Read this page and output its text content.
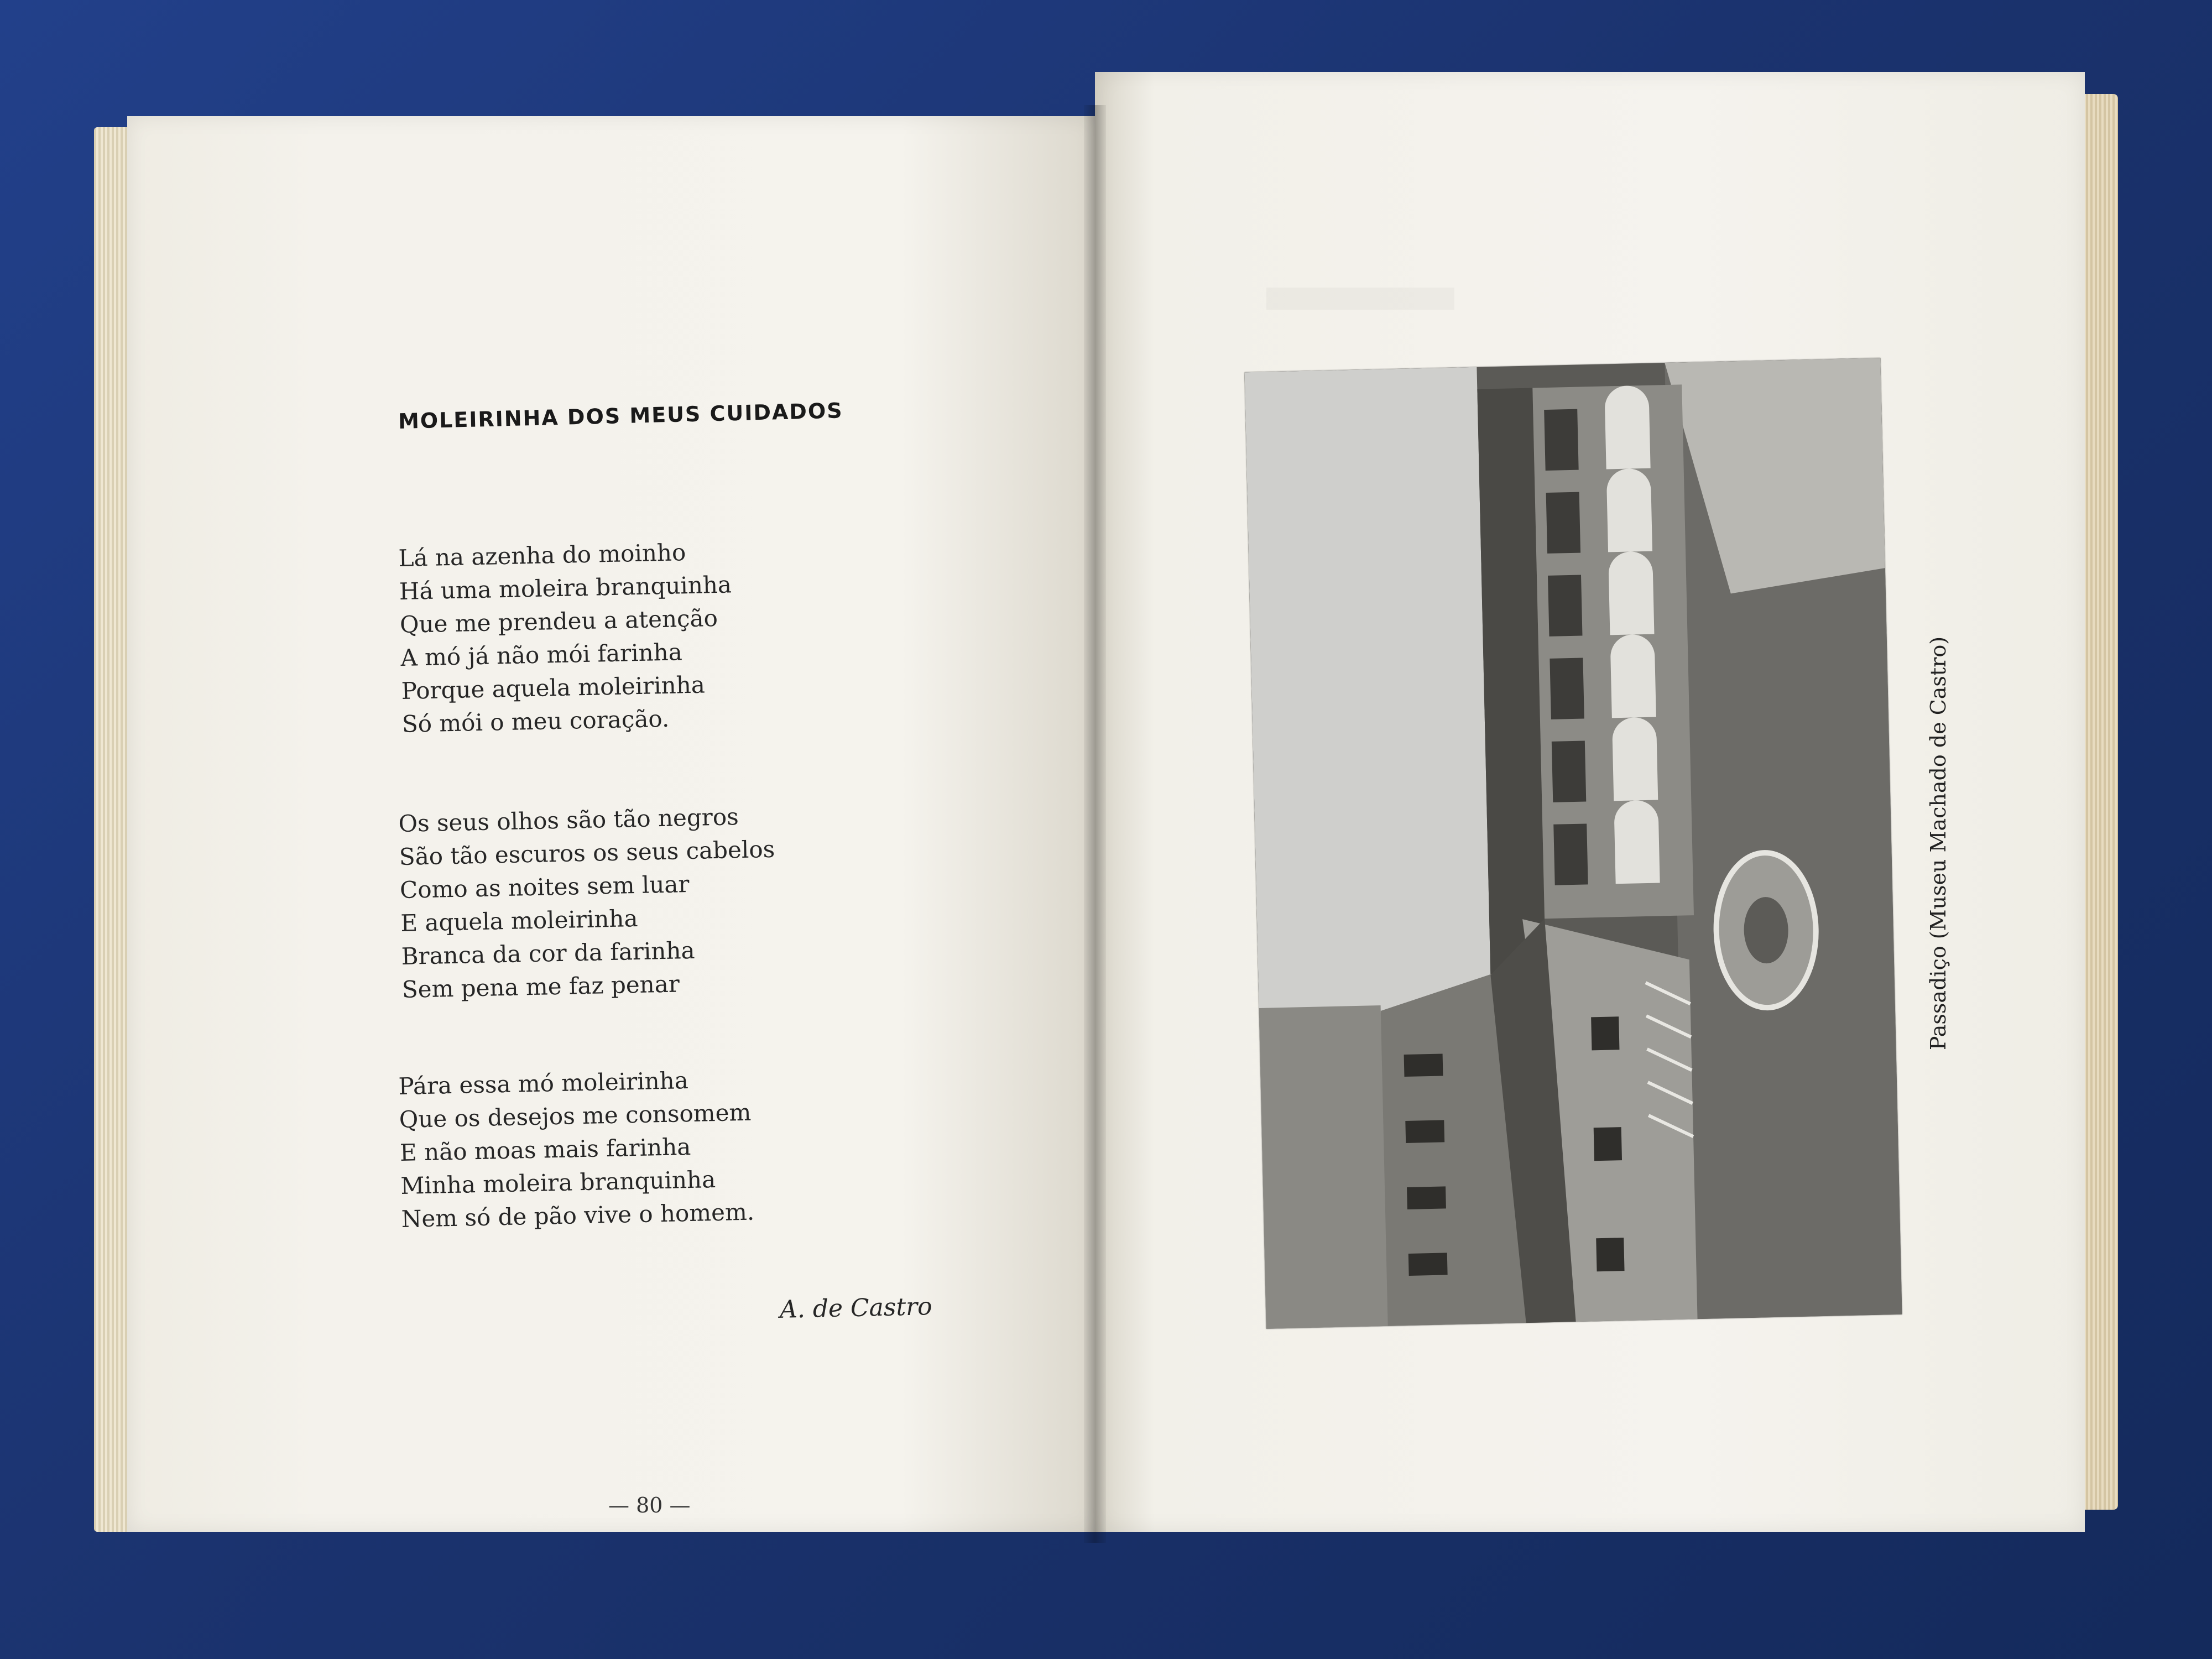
MOLEIRINHA DOS MEUS CUIDADOS
Lá na azenha do moinho
Há uma moleira branquinha
Que me prendeu a atenção
A mó já não mói farinha
Porque aquela moleirinha
Só mói o meu coração.
Os seus olhos são tão negros
São tão escuros os seus cabelos
Como as noites sem luar
E aquela moleirinha
Branca da cor da farinha
Sem pena me faz penar
Pára essa mó moleirinha
Que os desejos me consomem
E não moas mais farinha
Minha moleira branquinha
Nem só de pão vive o homem.
A. de Castro
— 80 —
Passadiço (Museu Machado de Castro)
